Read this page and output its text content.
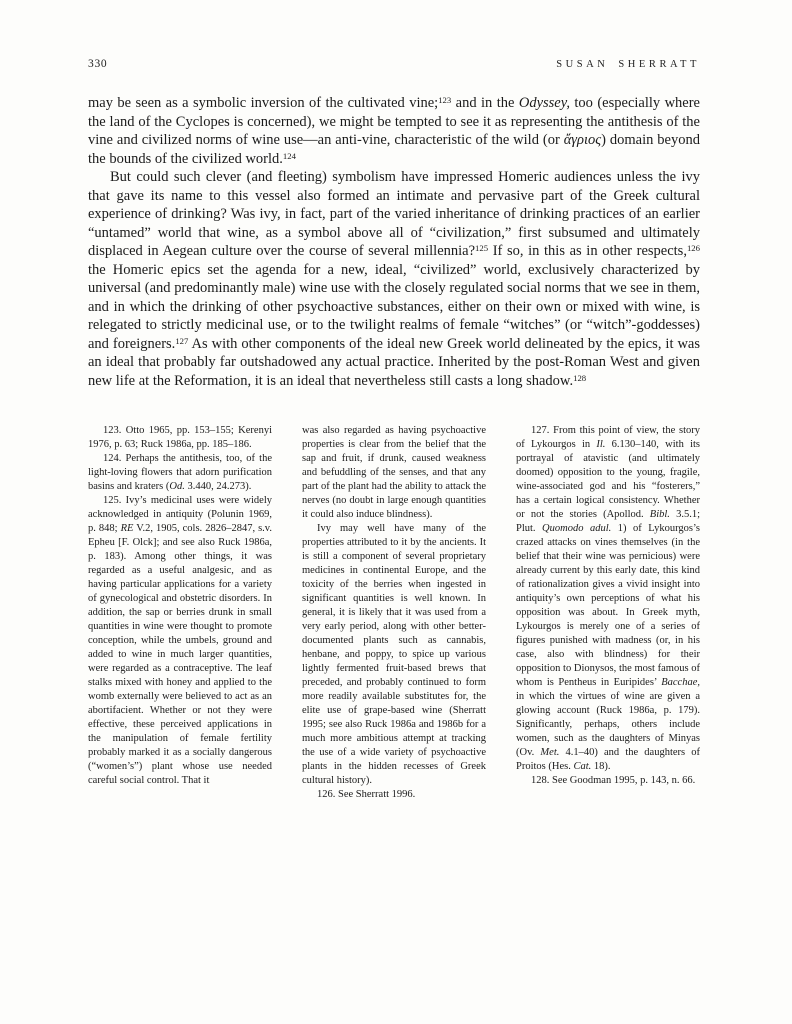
330	SUSAN SHERRATT

may be seen as a symbolic inversion of the cultivated vine;$^{123}$ and in the Odyssey, too (especially where the land of the Cyclopes is concerned), we might be tempted to see it as representing the antithesis of the vine and civilized norms of wine use—an anti-vine, characteristic of the wild (or ἄγριος) domain beyond the bounds of the civilized world.$^{124}$

But could such clever (and fleeting) symbolism have impressed Homeric audiences unless the ivy that gave its name to this vessel also formed an intimate and pervasive part of the Greek cultural experience of drinking? Was ivy, in fact, part of the varied inheritance of drinking practices of an earlier “untamed” world that wine, as a symbol above all of “civilization,” first subsumed and ultimately displaced in Aegean culture over the course of several millennia?$^{125}$ If so, in this as in other respects,$^{126}$ the Homeric epics set the agenda for a new, ideal, “civilized” world, exclusively characterized by universal (and predominantly male) wine use with the closely regulated social norms that we see in them, and in which the drinking of other psychoactive substances, either on their own or mixed with wine, is relegated to strictly medicinal use, or to the twilight realms of female “witches” (or “witch”-goddesses) and foreigners.$^{127}$ As with other components of the ideal new Greek world delineated by the epics, it was an ideal that probably far outshadowed any actual practice. Inherited by the post-Roman West and given new life at the Reformation, it is an ideal that nevertheless still casts a long shadow.$^{128}$

123. Otto 1965, pp. 153–155; Kerenyi 1976, p. 63; Ruck 1986a, pp. 185–186.

124. Perhaps the antithesis, too, of the light-loving flowers that adorn purification basins and kraters (Od. 3.440, 24.273).

125. Ivy’s medicinal uses were widely acknowledged in antiquity (Polunin 1969, p. 848; RE V.2, 1905, cols. 2826–2847, s.v. Epheu [F. Olck]; and see also Ruck 1986a, p. 183). Among other things, it was regarded as a useful analgesic, and as having particular applications for a variety of gynecological and obstetric disorders. In addition, the sap or berries drunk in small quantities in wine were thought to promote conception, while the umbels, ground and added to wine in much larger quantities, were regarded as a contraceptive. The leaf stalks mixed with honey and applied to the womb externally were believed to act as an abortifacient. Whether or not they were effective, these perceived applications in the manipulation of female fertility probably marked it as a socially dangerous (“women’s”) plant whose use needed careful social control. That it

was also regarded as having psychoactive properties is clear from the belief that the sap and fruit, if drunk, caused weakness and befuddling of the senses, and that any part of the plant had the ability to attack the nerves (no doubt in large enough quantities it could also induce blindness).

Ivy may well have many of the properties attributed to it by the ancients. It is still a component of several proprietary medicines in continental Europe, and the toxicity of the berries when ingested in significant quantities is well known. In general, it is likely that it was used from a very early period, along with other better-documented plants such as cannabis, henbane, and poppy, to spice up various lightly fermented fruit-based brews that preceded, and probably continued to form more readily available substitutes for, the elite use of grape-based wine (Sherratt 1995; see also Ruck 1986a and 1986b for a much more ambitious attempt at tracking the use of a wide variety of psychoactive plants in the hidden recesses of Greek cultural history).

126. See Sherratt 1996.

127. From this point of view, the story of Lykourgos in Il. 6.130–140, with its portrayal of atavistic (and ultimately doomed) opposition to the young, fragile, wine-associated god and his “fosterers,” has a certain logical consistency. Whether or not the stories (Apollod. Bibl. 3.5.1; Plut. Quomodo adul. 1) of Lykourgos’s crazed attacks on vines themselves (in the belief that their wine was pernicious) were already current by this early date, this kind of rationalization gives a vivid insight into antiquity’s own perceptions of what his opposition was about. In Greek myth, Lykourgos is merely one of a series of figures punished with madness (or, in his case, also with blindness) for their opposition to Dionysos, the most famous of whom is Pentheus in Euripides’ Bacchae, in which the virtues of wine are given a glowing account (Ruck 1986a, p. 179). Significantly, perhaps, others include women, such as the daughters of Minyas (Ov. Met. 4.1–40) and the daughters of Proitos (Hes. Cat. 18).

128. See Goodman 1995, p. 143, n. 66.
